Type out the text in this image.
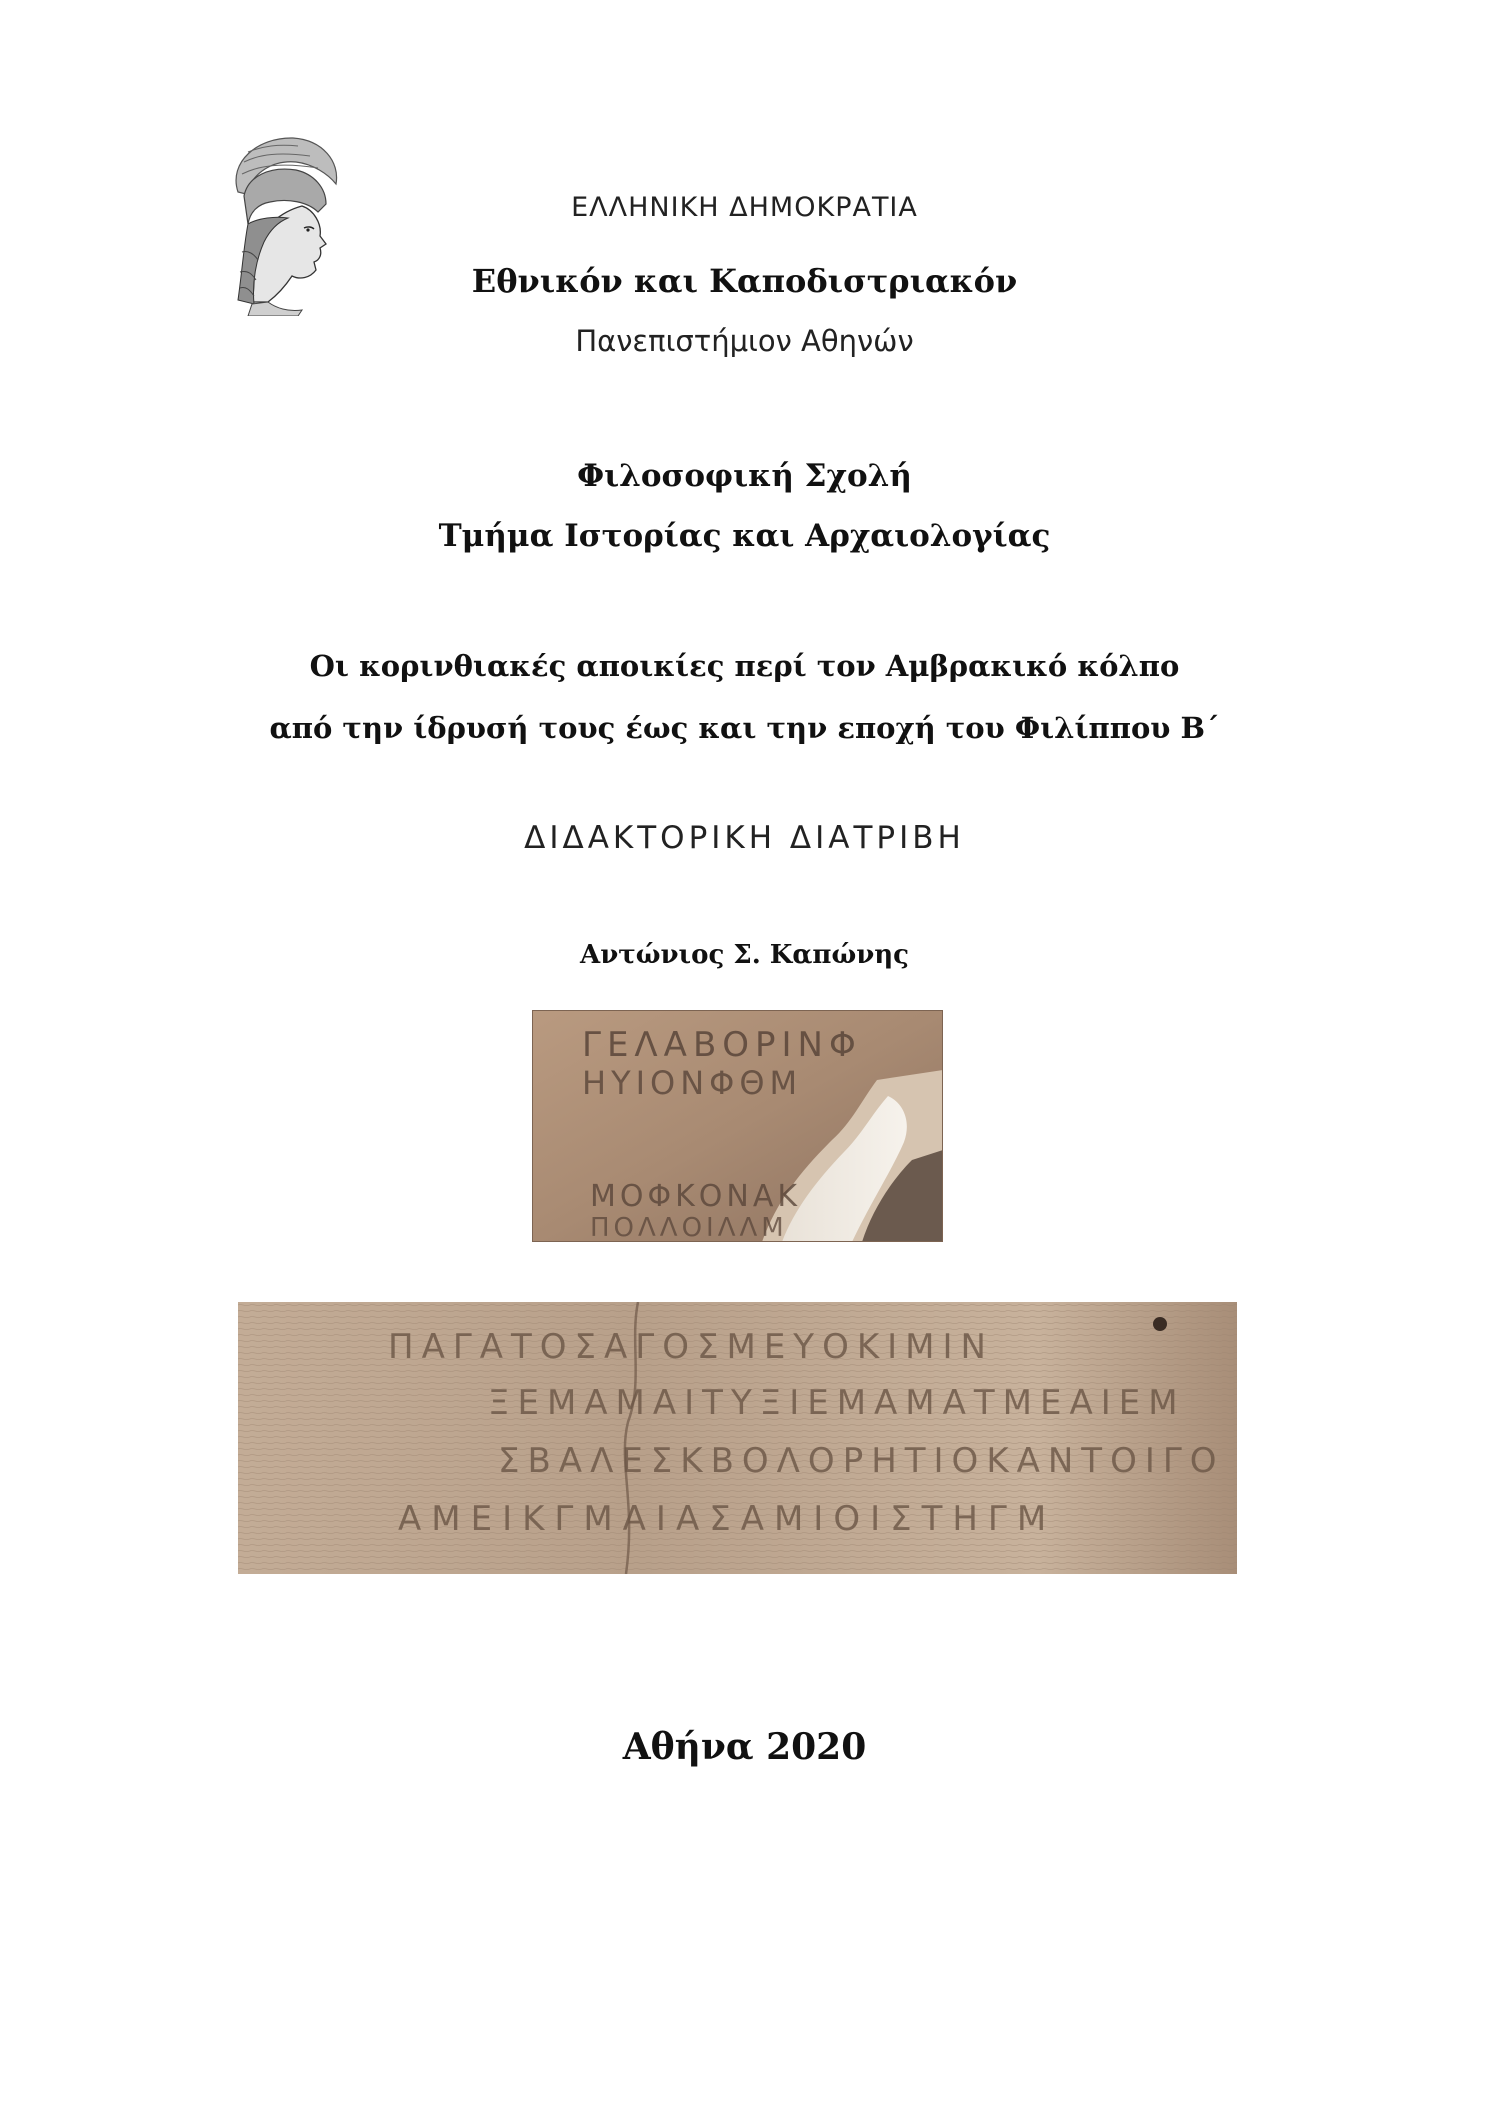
ΕΛΛΗΝΙΚΗ ΔΗΜΟΚΡΑΤΙΑ
Εθνικόν και Καποδιστριακόν
Πανεπιστήμιον Αθηνών
Φιλοσοφική Σχολή
Τμήμα Ιστορίας και Αρχαιολογίας
Οι κορινθιακές αποικίες περί τον Αμβρακικό κόλπο
από την ίδρυσή τους έως και την εποχή του Φιλίππου Β΄
ΔΙΔΑΚΤΟΡΙΚΗ ΔΙΑΤΡΙΒΗ
Αντώνιος Σ. Καπώνης
ΓΕΛΑΒΟΡΙΝΦ
ΗΥΙΟΝΦΘΜ
ΜΟΦΚΟΝΑΚ
ΠΟΛΛΟΙΛΛΜ
ΠΑΓΑΤΟΣΑΓΟΣΜΕΥΟΚΙΜΙΝ
ΞΕΜΑΜΑΙΤΥΞΙΕΜΑΜΑΤΜΕΑΙΕΜ
ΣΒΑΛΕΣΚΒΟΛΟΡΗΤΙΟΚΑΝΤΟΙΓΟ
ΑΜΕΙΚΓΜΑΙΑΣΑΜΙΟΙΣΤΗΓΜ
Αθήνα 2020
